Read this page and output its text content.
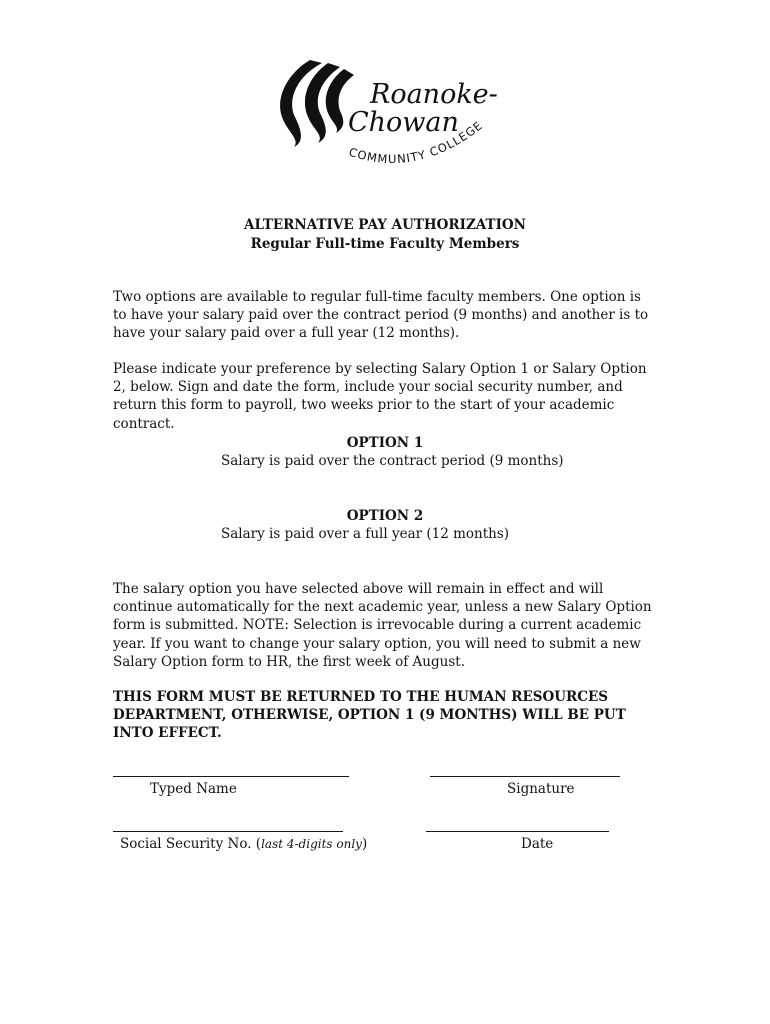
Roanoke-
Chowan
COMMUNITY COLLEGE
ALTERNATIVE PAY AUTHORIZATION
Regular Full-time Faculty Members

Two options are available to regular full-time faculty members. One option is to have your salary paid over the contract period (9 months) and another is to have your salary paid over a full year (12 months).

Please indicate your preference by selecting Salary Option 1 or Salary Option 2, below. Sign and date the form, include your social security number, and return this form to payroll, two weeks prior to the start of your academic contract.

OPTION 1
Salary is paid over the contract period (9 months)
OPTION 2
Salary is paid over a full year (12 months)

The salary option you have selected above will remain in effect and will continue automatically for the next academic year, unless a new Salary Option form is submitted. NOTE: Selection is irrevocable during a current academic year. If you want to change your salary option, you will need to submit a new Salary Option form to HR, the first week of August.

THIS FORM MUST BE RETURNED TO THE HUMAN RESOURCES DEPARTMENT, OTHERWISE, OPTION 1 (9 MONTHS) WILL BE PUT INTO EFFECT.

Typed Name	Signature
Social Security No. (last 4-digits only)	Date
